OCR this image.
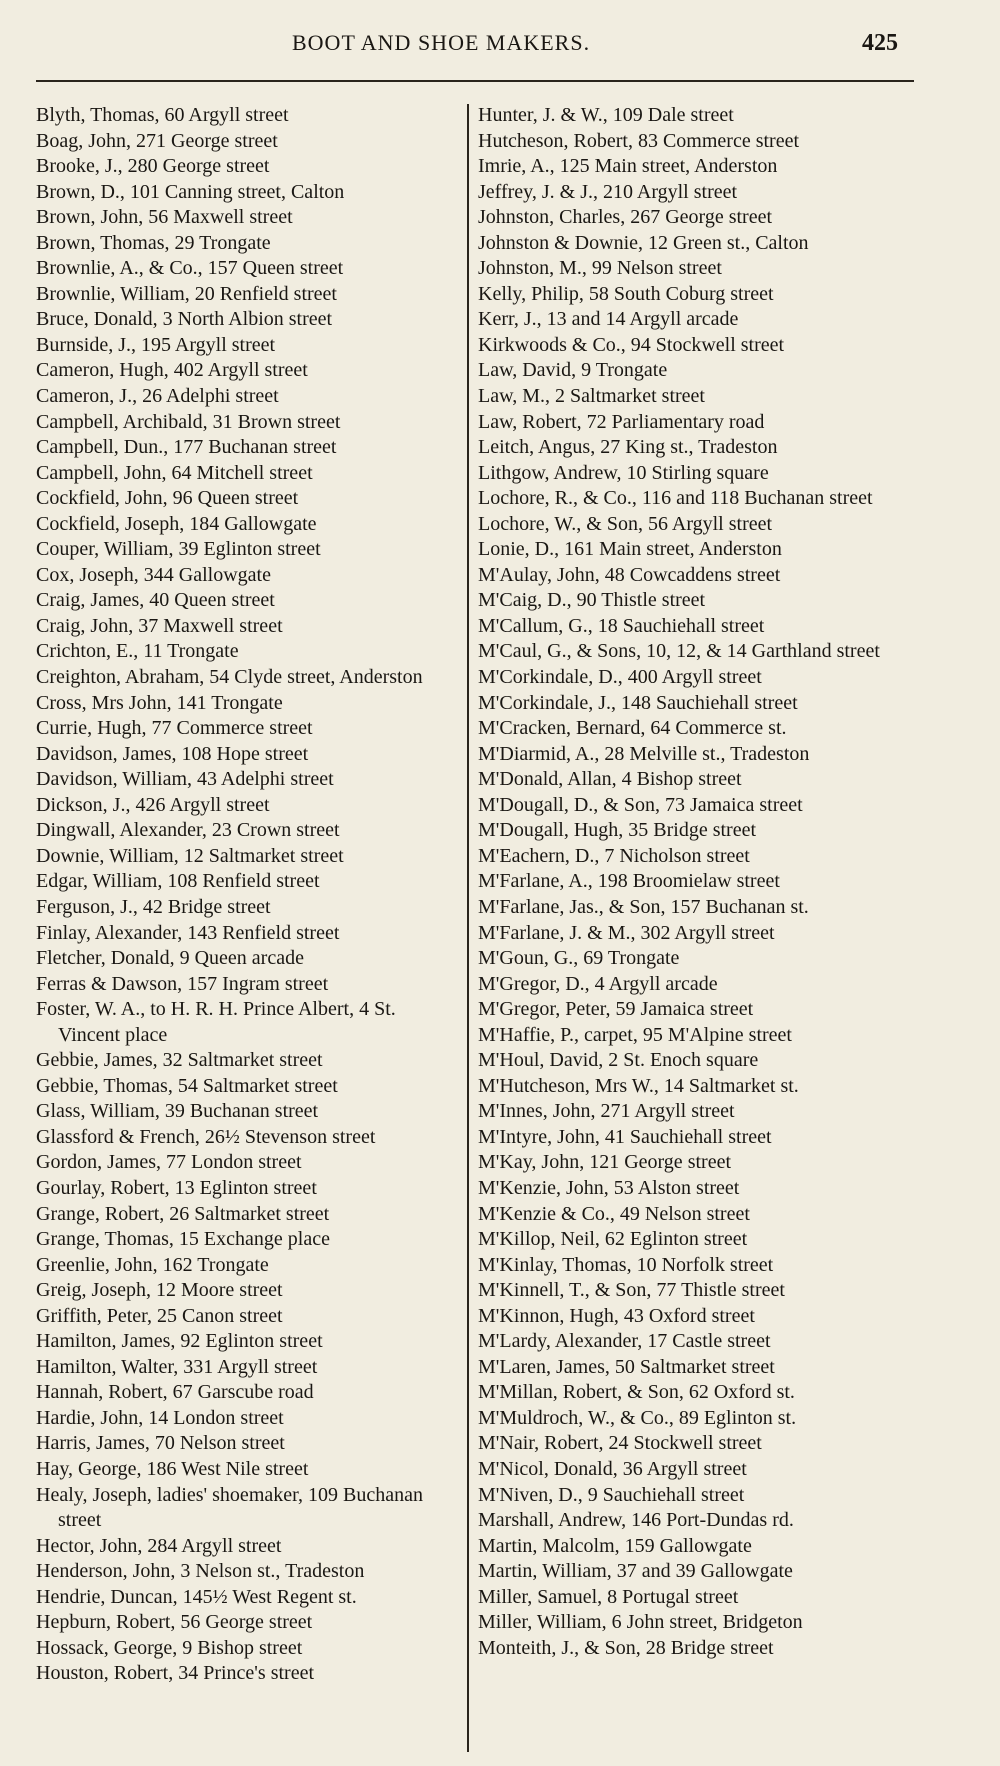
BOOT AND SHOE MAKERS.	425
Blyth, Thomas, 60 Argyll street
Boag, John, 271 George street
Brooke, J., 280 George street
Brown, D., 101 Canning street, Calton
Brown, John, 56 Maxwell street
Brown, Thomas, 29 Trongate
Brownlie, A., & Co., 157 Queen street
Brownlie, William, 20 Renfield street
Bruce, Donald, 3 North Albion street
Burnside, J., 195 Argyll street
Cameron, Hugh, 402 Argyll street
Cameron, J., 26 Adelphi street
Campbell, Archibald, 31 Brown street
Campbell, Dun., 177 Buchanan street
Campbell, John, 64 Mitchell street
Cockfield, John, 96 Queen street
Cockfield, Joseph, 184 Gallowgate
Couper, William, 39 Eglinton street
Cox, Joseph, 344 Gallowgate
Craig, James, 40 Queen street
Craig, John, 37 Maxwell street
Crichton, E., 11 Trongate
Creighton, Abraham, 54 Clyde street, Anderston
Cross, Mrs John, 141 Trongate
Currie, Hugh, 77 Commerce street
Davidson, James, 108 Hope street
Davidson, William, 43 Adelphi street
Dickson, J., 426 Argyll street
Dingwall, Alexander, 23 Crown street
Downie, William, 12 Saltmarket street
Edgar, William, 108 Renfield street
Ferguson, J., 42 Bridge street
Finlay, Alexander, 143 Renfield street
Fletcher, Donald, 9 Queen arcade
Ferras & Dawson, 157 Ingram street
Foster, W. A., to H. R. H. Prince Albert, 4 St. Vincent place
Gebbie, James, 32 Saltmarket street
Gebbie, Thomas, 54 Saltmarket street
Glass, William, 39 Buchanan street
Glassford & French, 26½ Stevenson street
Gordon, James, 77 London street
Gourlay, Robert, 13 Eglinton street
Grange, Robert, 26 Saltmarket street
Grange, Thomas, 15 Exchange place
Greenlie, John, 162 Trongate
Greig, Joseph, 12 Moore street
Griffith, Peter, 25 Canon street
Hamilton, James, 92 Eglinton street
Hamilton, Walter, 331 Argyll street
Hannah, Robert, 67 Garscube road
Hardie, John, 14 London street
Harris, James, 70 Nelson street
Hay, George, 186 West Nile street
Healy, Joseph, ladies' shoemaker, 109 Buchanan street
Hector, John, 284 Argyll street
Henderson, John, 3 Nelson st., Tradeston
Hendrie, Duncan, 145½ West Regent st.
Hepburn, Robert, 56 George street
Hossack, George, 9 Bishop street
Houston, Robert, 34 Prince's street
Hunter, J. & W., 109 Dale street
Hutcheson, Robert, 83 Commerce street
Imrie, A., 125 Main street, Anderston
Jeffrey, J. & J., 210 Argyll street
Johnston, Charles, 267 George street
Johnston & Downie, 12 Green st., Calton
Johnston, M., 99 Nelson street
Kelly, Philip, 58 South Coburg street
Kerr, J., 13 and 14 Argyll arcade
Kirkwoods & Co., 94 Stockwell street
Law, David, 9 Trongate
Law, M., 2 Saltmarket street
Law, Robert, 72 Parliamentary road
Leitch, Angus, 27 King st., Tradeston
Lithgow, Andrew, 10 Stirling square
Lochore, R., & Co., 116 and 118 Buchanan street
Lochore, W., & Son, 56 Argyll street
Lonie, D., 161 Main street, Anderston
M'Aulay, John, 48 Cowcaddens street
M'Caig, D., 90 Thistle street
M'Callum, G., 18 Sauchiehall street
M'Caul, G., & Sons, 10, 12, & 14 Garthland street
M'Corkindale, D., 400 Argyll street
M'Corkindale, J., 148 Sauchiehall street
M'Cracken, Bernard, 64 Commerce st.
M'Diarmid, A., 28 Melville st., Tradeston
M'Donald, Allan, 4 Bishop street
M'Dougall, D., & Son, 73 Jamaica street
M'Dougall, Hugh, 35 Bridge street
M'Eachern, D., 7 Nicholson street
M'Farlane, A., 198 Broomielaw street
M'Farlane, Jas., & Son, 157 Buchanan st.
M'Farlane, J. & M., 302 Argyll street
M'Goun, G., 69 Trongate
M'Gregor, D., 4 Argyll arcade
M'Gregor, Peter, 59 Jamaica street
M'Haffie, P., carpet, 95 M'Alpine street
M'Houl, David, 2 St. Enoch square
M'Hutcheson, Mrs W., 14 Saltmarket st.
M'Innes, John, 271 Argyll street
M'Intyre, John, 41 Sauchiehall street
M'Kay, John, 121 George street
M'Kenzie, John, 53 Alston street
M'Kenzie & Co., 49 Nelson street
M'Killop, Neil, 62 Eglinton street
M'Kinlay, Thomas, 10 Norfolk street
M'Kinnell, T., & Son, 77 Thistle street
M'Kinnon, Hugh, 43 Oxford street
M'Lardy, Alexander, 17 Castle street
M'Laren, James, 50 Saltmarket street
M'Millan, Robert, & Son, 62 Oxford st.
M'Muldroch, W., & Co., 89 Eglinton st.
M'Nair, Robert, 24 Stockwell street
M'Nicol, Donald, 36 Argyll street
M'Niven, D., 9 Sauchiehall street
Marshall, Andrew, 146 Port-Dundas rd.
Martin, Malcolm, 159 Gallowgate
Martin, William, 37 and 39 Gallowgate
Miller, Samuel, 8 Portugal street
Miller, William, 6 John street, Bridgeton
Monteith, J., & Son, 28 Bridge street
